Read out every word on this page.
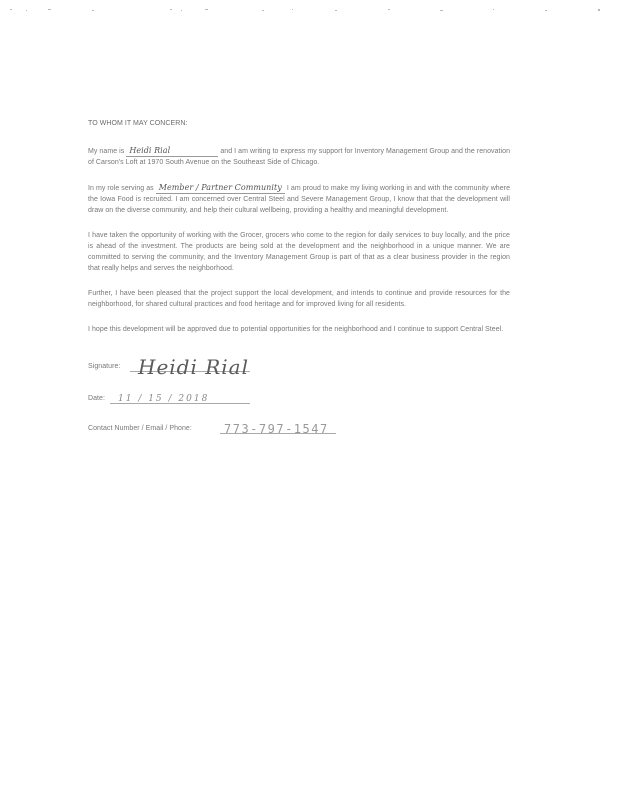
TO WHOM IT MAY CONCERN:

My name is Heidi Rial	and I am writing to express my support for Inventory Management Group and the renovation of Carson's Loft at 1970 South Avenue on the Southeast Side of Chicago.

In my role serving as Member / Partner Community I am proud to make my living working in and with the community where the Iowa Food is recruited. I am concerned over Central Steel and Severe Management Group, I know that that the development will draw on the diverse community, and help their cultural wellbeing, providing a healthy and meaningful development.

I have taken the opportunity of working with the Grocer, grocers who come to the region for daily services to buy locally, and the price is ahead of the investment. The products are being sold at the development and the neighborhood in a unique manner. We are committed to serving the community, and the Inventory Management Group is part of that as a clear business provider in the region that really helps and serves the neighborhood.

Further, I have been pleased that the project support the local development, and intends to continue and provide resources for the neighborhood, for shared cultural practices and food heritage and for improved living for all residents.

I hope this development will be approved due to potential opportunities for the neighborhood and I continue to support Central Steel.

Signature: Heidi Rial
Date: 11 / 15 / 2018
Contact Number / Email / Phone:	773-797-1547
